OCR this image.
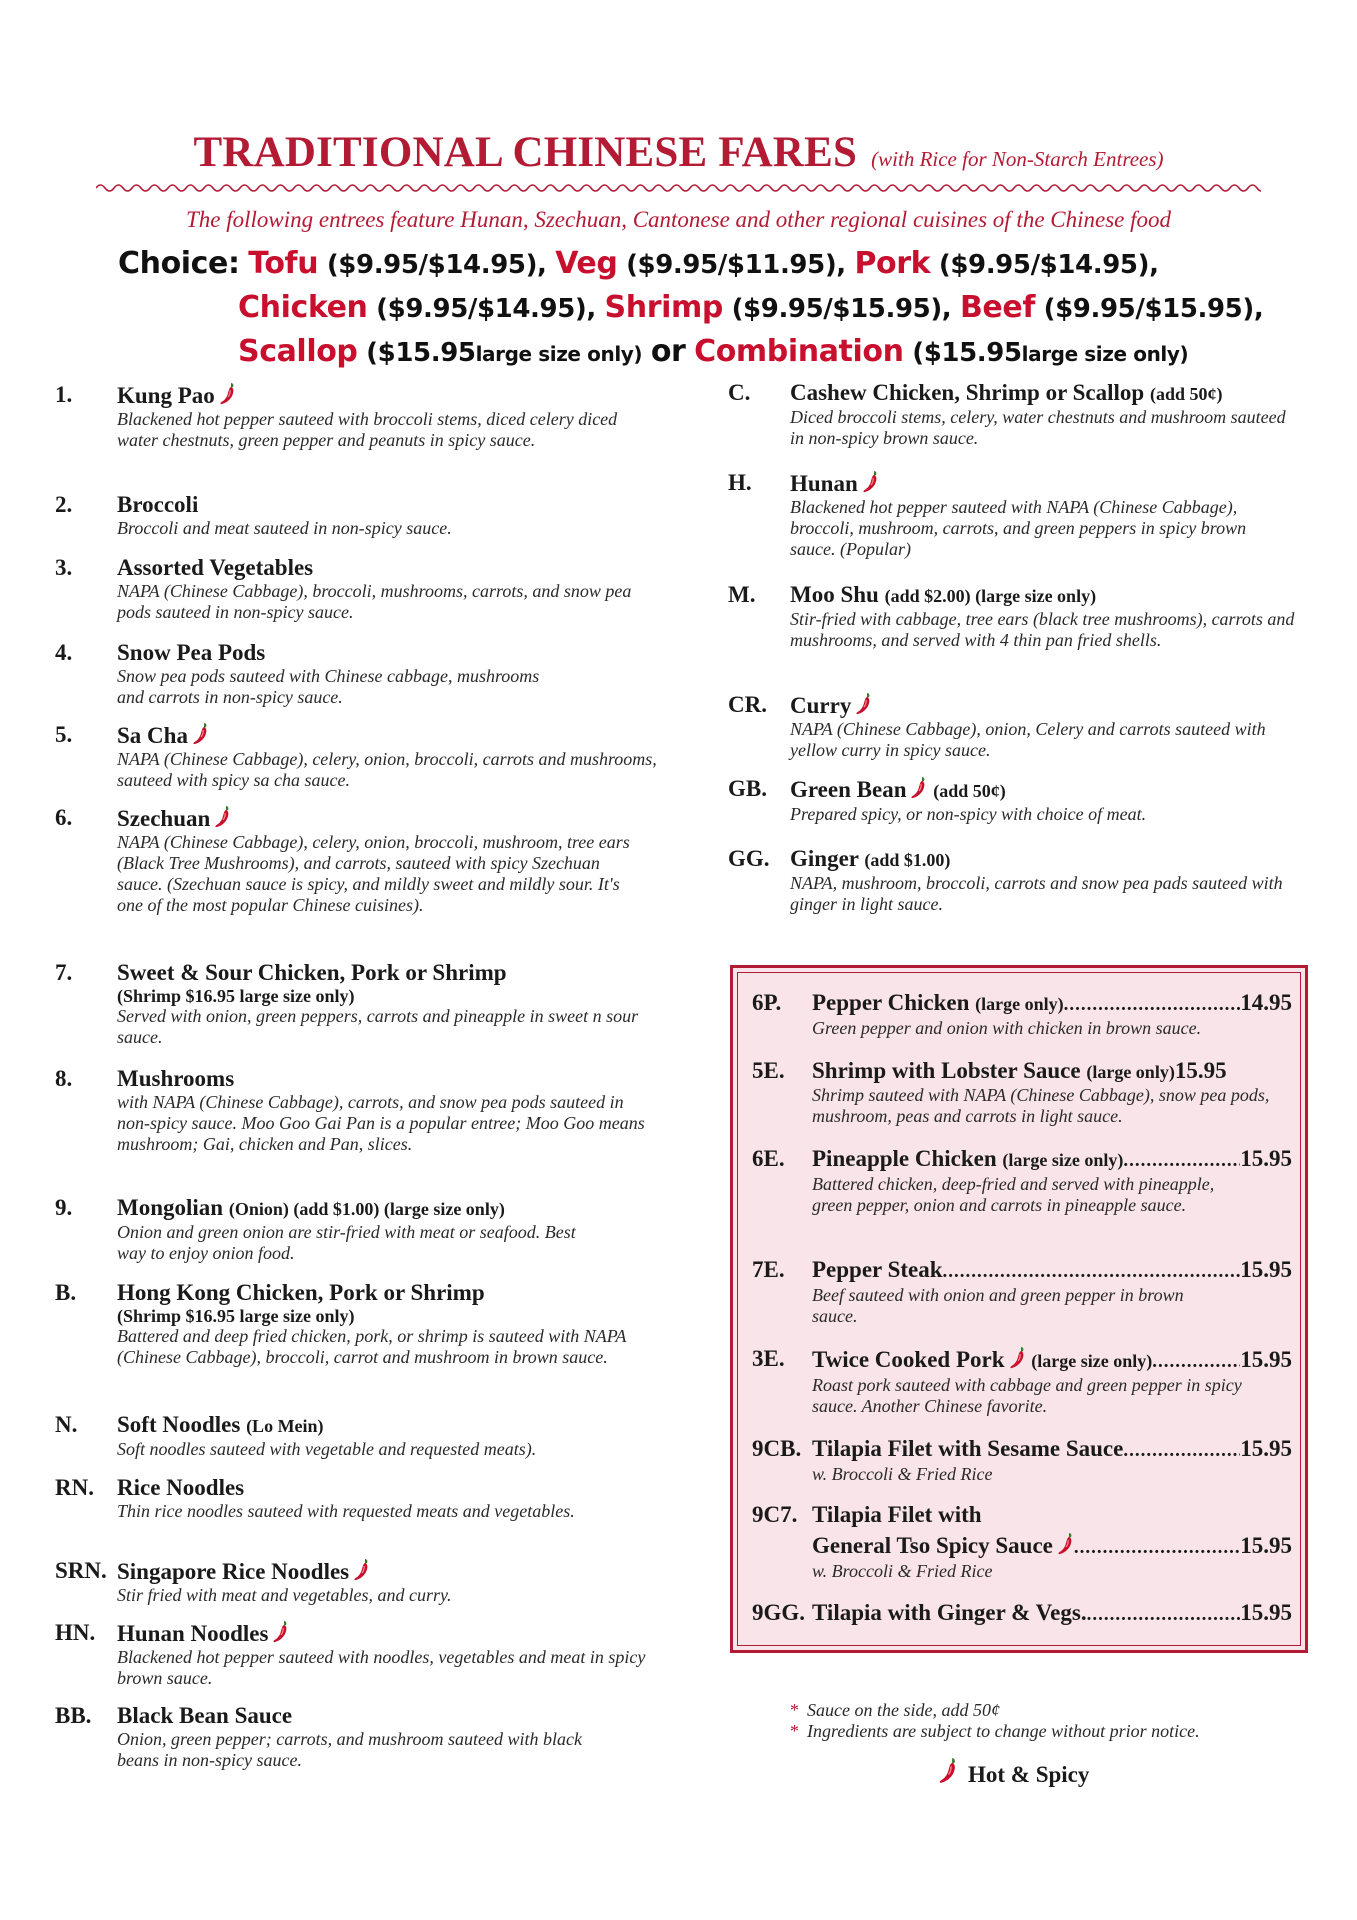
TRADITIONAL CHINESE FARES (with Rice for Non-Starch Entrees)
The following entrees feature Hunan, Szechuan, Cantonese and other regional cuisines of the Chinese food
Choice: Tofu ($9.95/$14.95), Veg ($9.95/$11.95), Pork ($9.95/$14.95),
Chicken ($9.95/$14.95), Shrimp ($9.95/$15.95), Beef ($9.95/$15.95),
Scallop ($15.95large size only) or Combination ($15.95large size only)
1. Kung Pao
Blackened hot pepper sauteed with broccoli stems, diced celery diced water chestnuts, green pepper and peanuts in spicy sauce.
2. Broccoli
Broccoli and meat sauteed in non-spicy sauce.
3. Assorted Vegetables
NAPA (Chinese Cabbage), broccoli, mushrooms, carrots, and snow pea pods sauteed in non-spicy sauce.
4. Snow Pea Pods
Snow pea pods sauteed with Chinese cabbage, mushrooms and carrots in non-spicy sauce.
5. Sa Cha
NAPA (Chinese Cabbage), celery, onion, broccoli, carrots and mushrooms, sauteed with spicy sa cha sauce.
6. Szechuan
NAPA (Chinese Cabbage), celery, onion, broccoli, mushroom, tree ears (Black Tree Mushrooms), and carrots, sauteed with spicy Szechuan sauce. (Szechuan sauce is spicy, and mildly sweet and mildly sour. It's one of the most popular Chinese cuisines).
7. Sweet & Sour Chicken, Pork or Shrimp
(Shrimp $16.95 large size only)
Served with onion, green peppers, carrots and pineapple in sweet n sour sauce.
8. Mushrooms
with NAPA (Chinese Cabbage), carrots, and snow pea pods sauteed in non-spicy sauce. Moo Goo Gai Pan is a popular entree; Moo Goo means mushroom; Gai, chicken and Pan, slices.
9. Mongolian (Onion) (add $1.00) (large size only)
Onion and green onion are stir-fried with meat or seafood. Best way to enjoy onion food.
B. Hong Kong Chicken, Pork or Shrimp
(Shrimp $16.95 large size only)
Battered and deep fried chicken, pork, or shrimp is sauteed with NAPA (Chinese Cabbage), broccoli, carrot and mushroom in brown sauce.
N. Soft Noodles (Lo Mein)
Soft noodles sauteed with vegetable and requested meats).
RN. Rice Noodles
Thin rice noodles sauteed with requested meats and vegetables.
SRN. Singapore Rice Noodles
Stir fried with meat and vegetables, and curry.
HN. Hunan Noodles
Blackened hot pepper sauteed with noodles, vegetables and meat in spicy brown sauce.
BB. Black Bean Sauce
Onion, green pepper; carrots, and mushroom sauteed with black beans in non-spicy sauce.
C. Cashew Chicken, Shrimp or Scallop (add 50¢)
Diced broccoli stems, celery, water chestnuts and mushroom sauteed in non-spicy brown sauce.
H. Hunan
Blackened hot pepper sauteed with NAPA (Chinese Cabbage), broccoli, mushroom, carrots, and green peppers in spicy brown sauce. (Popular)
M. Moo Shu (add $2.00) (large size only)
Stir-fried with cabbage, tree ears (black tree mushrooms), carrots and mushrooms, and served with 4 thin pan fried shells.
CR. Curry
NAPA (Chinese Cabbage), onion, Celery and carrots sauteed with yellow curry in spicy sauce.
GB. Green Bean (add 50¢)
Prepared spicy, or non-spicy with choice of meat.
GG. Ginger (add $1.00)
NAPA, mushroom, broccoli, carrots and snow pea pads sauteed with ginger in light sauce.
6P. Pepper Chicken (large only) .....	14.95
Green pepper and onion with chicken in brown sauce.
5E. Shrimp with Lobster Sauce (large only) 15.95
Shrimp sauteed with NAPA (Chinese Cabbage), snow pea pods, mushroom, peas and carrots in light sauce.
6E. Pineapple Chicken (large size only) .....	15.95
Battered chicken, deep-fried and served with pineapple, green pepper, onion and carrots in pineapple sauce.
7E. Pepper Steak .....	15.95
Beef sauteed with onion and green pepper in brown sauce.
3E. Twice Cooked Pork (large size only) .....	15.95
Roast pork sauteed with cabbage and green pepper in spicy sauce. Another Chinese favorite.
9CB. Tilapia Filet with Sesame Sauce .....	15.95
w. Broccoli & Fried Rice
9C7. Tilapia Filet with
General Tso Spicy Sauce .....	15.95
w. Broccoli & Fried Rice
9GG. Tilapia with Ginger & Vegs. .....	15.95
* Sauce on the side, add 50¢
* Ingredients are subject to change without prior notice.
Hot & Spicy
